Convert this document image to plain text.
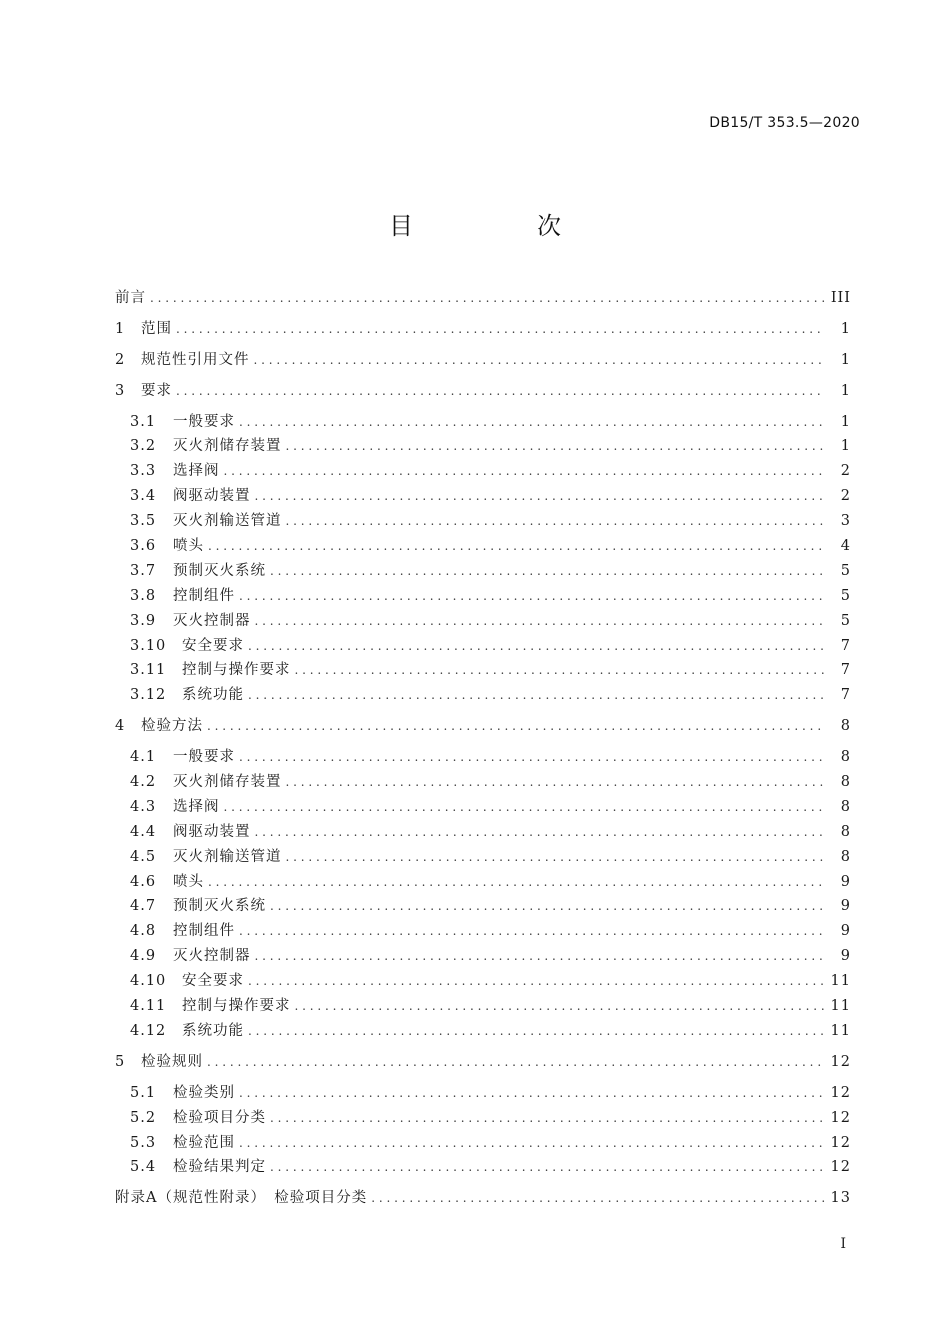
DB15/T 353.5—2020
目　次
前言 . . .	III
1	范围 . . .	1
2	规范性引用文件 . . .	1
3	要求 . . .	1
3.1	一般要求 . . .	1
3.2	灭火剂储存装置 . . .	1
3.3	选择阀 . . .	2
3.4	阀驱动装置 . . .	2
3.5	灭火剂输送管道 . . .	3
3.6	喷头 . . .	4
3.7	预制灭火系统 . . .	5
3.8	控制组件 . . .	5
3.9	灭火控制器 . . .	5
3.10	安全要求 . . .	7
3.11	控制与操作要求 . . .	7
3.12	系统功能 . . .	7
4	检验方法 . . .	8
4.1	一般要求 . . .	8
4.2	灭火剂储存装置 . . .	8
4.3	选择阀 . . .	8
4.4	阀驱动装置 . . .	8
4.5	灭火剂输送管道 . . .	8
4.6	喷头 . . .	9
4.7	预制灭火系统 . . .	9
4.8	控制组件 . . .	9
4.9	灭火控制器 . . .	9
4.10	安全要求 . . .	11
4.11	控制与操作要求 . . .	11
4.12	系统功能 . . .	11
5	检验规则 . . .	12
5.1	检验类别 . . .	12
5.2	检验项目分类 . . .	12
5.3	检验范围 . . .	12
5.4	检验结果判定 . . .	12
附录A（规范性附录）　检验项目分类 . . .	13
I
